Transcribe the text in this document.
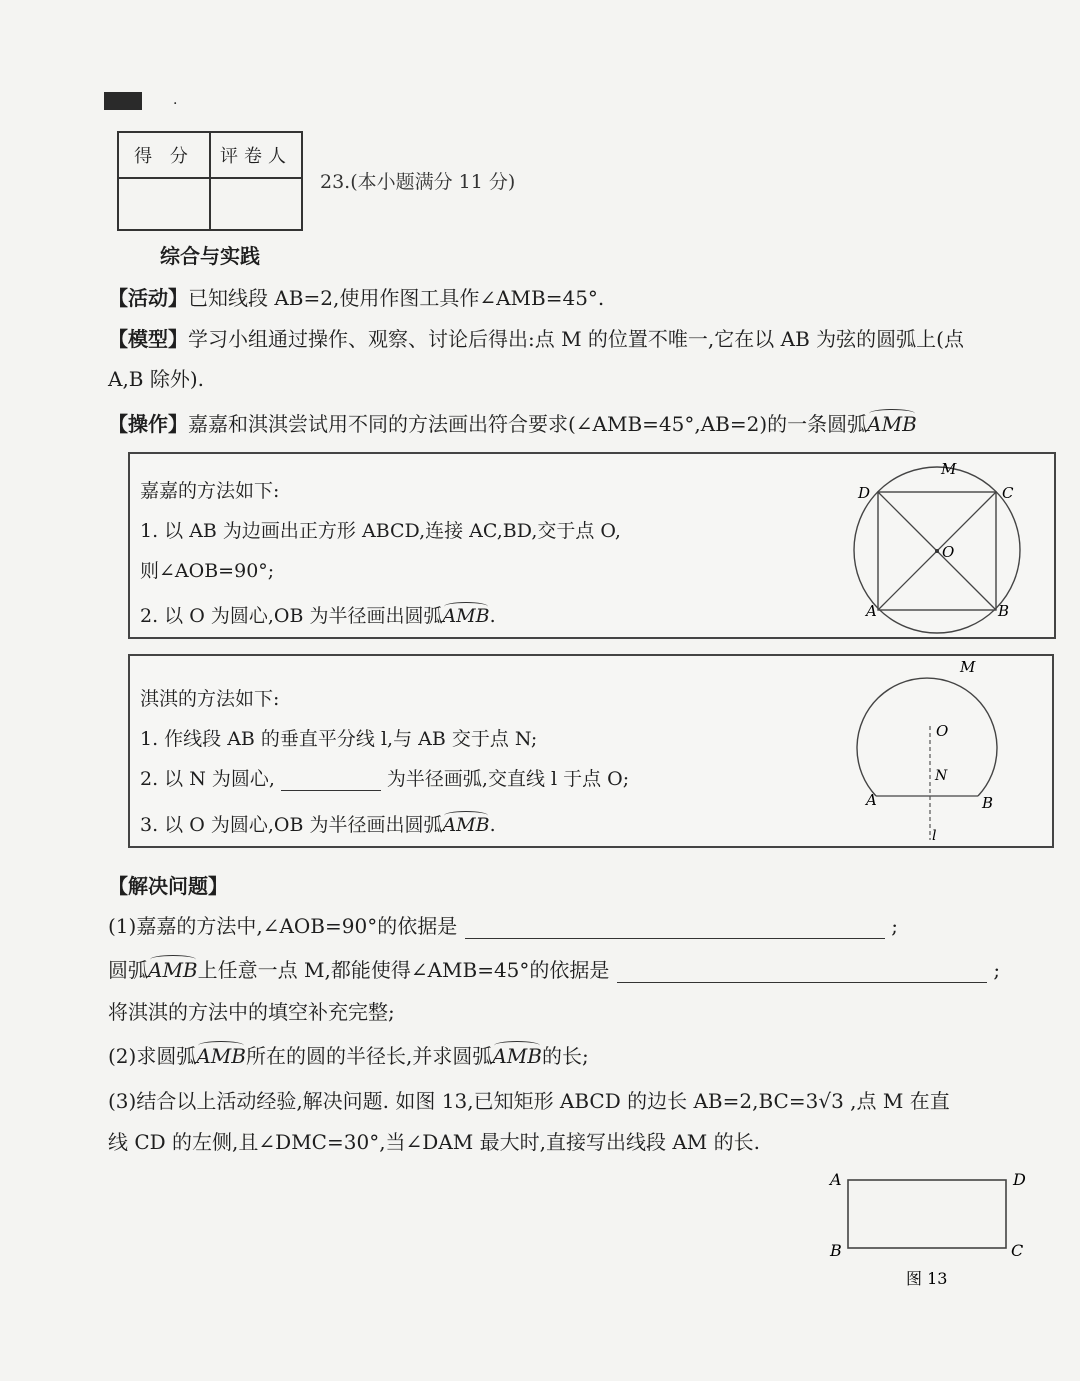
·
得 分	评卷人

23.(本小题满分 11 分)
综合与实践
【活动】已知线段 AB=2,使用作图工具作∠AMB=45°.
【模型】学习小组通过操作、观察、讨论后得出:点 M 的位置不唯一,它在以 AB 为弦的圆弧上(点
A,B 除外).
【操作】嘉嘉和淇淇尝试用不同的方法画出符合要求(∠AMB=45°,AB=2)的一条圆弧AMB
嘉嘉的方法如下:
1. 以 AB 为边画出正方形 ABCD,连接 AC,BD,交于点 O,
则∠AOB=90°;
2. 以 O 为圆心,OB 为半径画出圆弧AMB.
M
D	C
O
A	B
淇淇的方法如下:
1. 作线段 AB 的垂直平分线 l,与 AB 交于点 N;
2. 以 N 为圆心,	为半径画弧,交直线 l 于点 O;
3. 以 O 为圆心,OB 为半径画出圆弧AMB.
M
O
N
A	B
l
【解决问题】
(1)嘉嘉的方法中,∠AOB=90°的依据是	;
圆弧AMB上任意一点 M,都能使得∠AMB=45°的依据是	;
将淇淇的方法中的填空补充完整;
(2)求圆弧AMB所在的圆的半径长,并求圆弧AMB的长;
(3)结合以上活动经验,解决问题. 如图 13,已知矩形 ABCD 的边长 AB=2,BC=3√3 ,点 M 在直
线 CD 的左侧,且∠DMC=30°,当∠DAM 最大时,直接写出线段 AM 的长.
A	D
B	C
图 13
